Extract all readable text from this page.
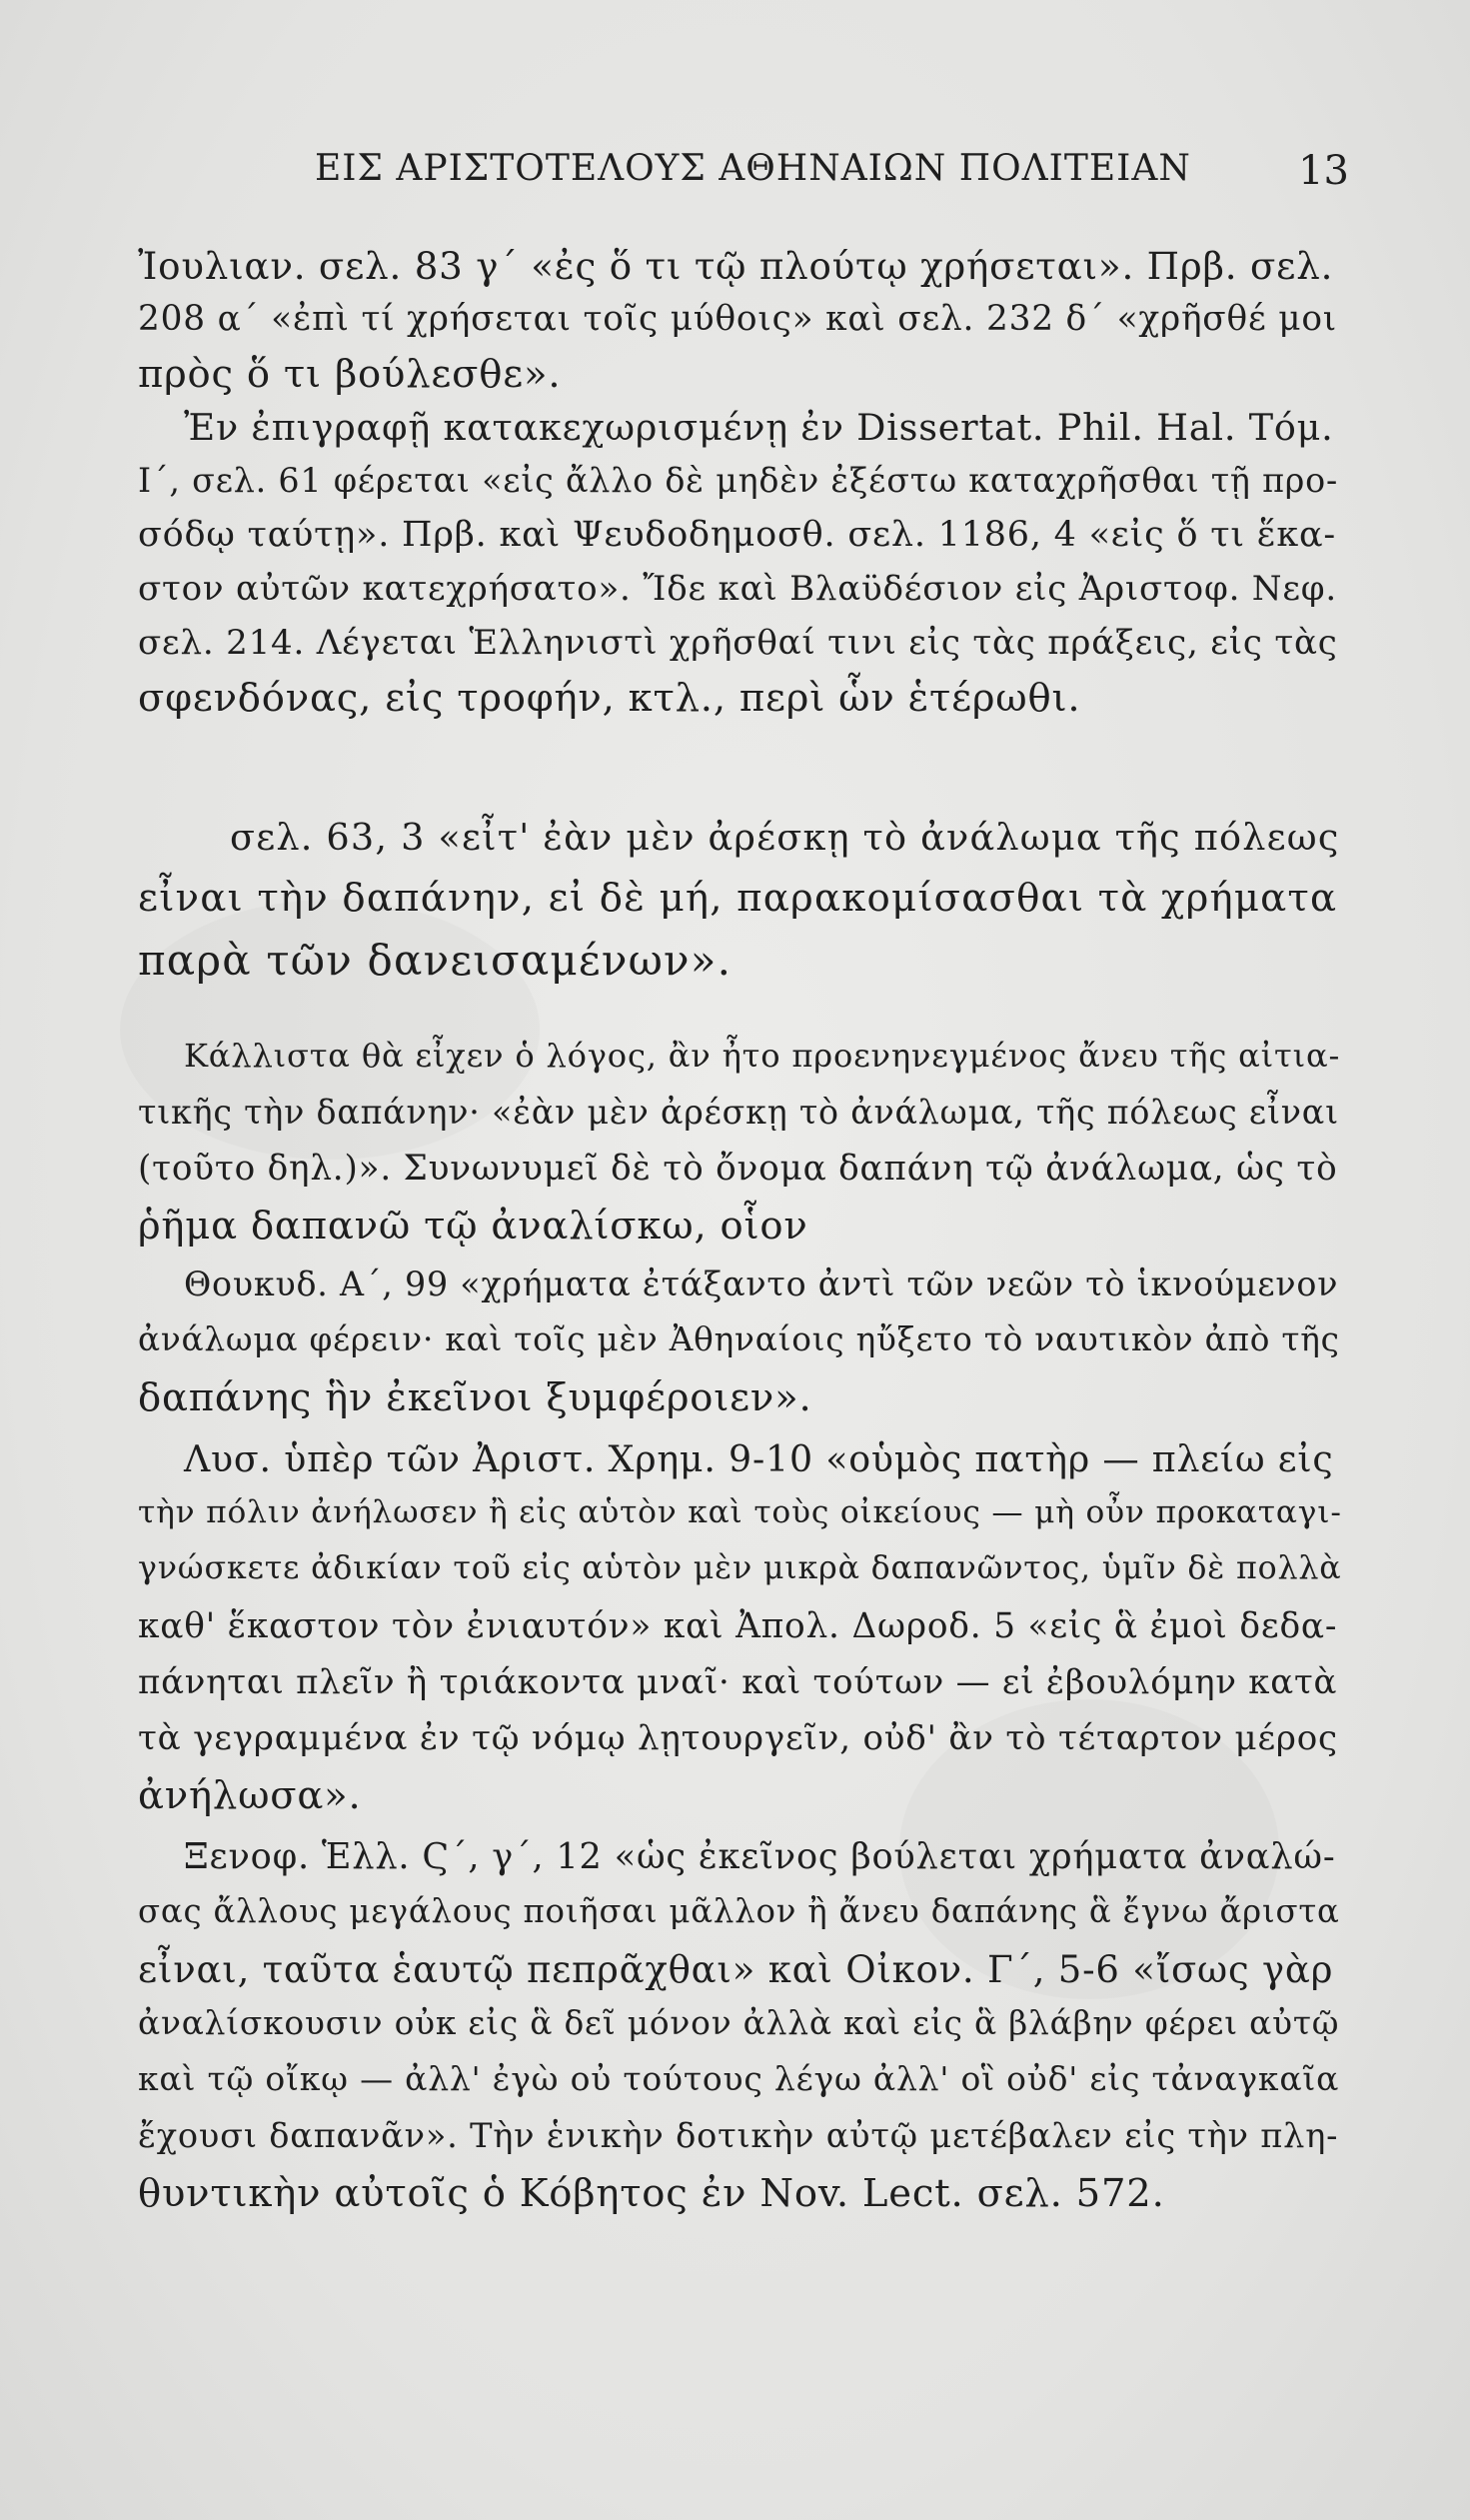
ΕΙΣ ΑΡΙΣΤΟΤΕΛΟΥΣ ΑΘΗΝΑΙΩΝ ΠΟΛΙΤΕΙΑΝ	13
Ἰουλιαν. σελ. 83 γ΄ «ἐς ὅ τι τῷ πλούτῳ χρήσεται». Πρβ. σελ.
208 α΄ «ἐπὶ τί χρήσεται τοῖς μύθοις» καὶ σελ. 232 δ΄ «χρῆσθέ μοι
πρὸς ὅ τι βούλεσθε».
Ἐν ἐπιγραφῇ κατακεχωρισμένῃ ἐν Dissertat. Phil. Hal. Τόμ.
Ι΄, σελ. 61 φέρεται «εἰς ἄλλο δὲ μηδὲν ἐξέστω καταχρῆσθαι τῇ προ-
σόδῳ ταύτῃ». Πρβ. καὶ Ψευδοδημοσθ. σελ. 1186, 4 «εἰς ὅ τι ἕκα-
στον αὐτῶν κατεχρήσατο». Ἴδε καὶ Βλαϋδέσιον εἰς Ἀριστοφ. Νεφ.
σελ. 214. Λέγεται Ἑλληνιστὶ χρῆσθαί τινι εἰς τὰς πράξεις, εἰς τὰς
σφενδόνας, εἰς τροφήν, κτλ., περὶ ὧν ἑτέρωθι.
σελ. 63, 3 «εἶτ' ἐὰν μὲν ἀρέσκῃ τὸ ἀνάλωμα τῆς πόλεως
εἶναι τὴν δαπάνην, εἰ δὲ μή, παρακομίσασθαι τὰ χρήματα
παρὰ τῶν δανεισαμένων».
Κάλλιστα θὰ εἶχεν ὁ λόγος, ἂν ἦτο προενηνεγμένος ἄνευ τῆς αἰτια-
τικῆς τὴν δαπάνην· «ἐὰν μὲν ἀρέσκῃ τὸ ἀνάλωμα, τῆς πόλεως εἶναι
(τοῦτο δηλ.)». Συνωνυμεῖ δὲ τὸ ὄνομα δαπάνη τῷ ἀνάλωμα, ὡς τὸ
ῥῆμα δαπανῶ τῷ ἀναλίσκω, οἷον
Θουκυδ. Α΄, 99 «χρήματα ἐτάξαντο ἀντὶ τῶν νεῶν τὸ ἱκνούμενον
ἀνάλωμα φέρειν· καὶ τοῖς μὲν Ἀθηναίοις ηὔξετο τὸ ναυτικὸν ἀπὸ τῆς
δαπάνης ἣν ἐκεῖνοι ξυμφέροιεν».
Λυσ. ὑπὲρ τῶν Ἀριστ. Χρημ. 9-10 «οὑμὸς πατὴρ — πλείω εἰς
τὴν πόλιν ἀνήλωσεν ἢ εἰς αὑτὸν καὶ τοὺς οἰκείους — μὴ οὖν προκαταγι-
γνώσκετε ἀδικίαν τοῦ εἰς αὑτὸν μὲν μικρὰ δαπανῶντος, ὑμῖν δὲ πολλὰ
καθ' ἕκαστον τὸν ἐνιαυτόν» καὶ Ἀπολ. Δωροδ. 5 «εἰς ἃ ἐμοὶ δεδα-
πάνηται πλεῖν ἢ τριάκοντα μναῖ· καὶ τούτων — εἰ ἐβουλόμην κατὰ
τὰ γεγραμμένα ἐν τῷ νόμῳ λῃτουργεῖν, οὐδ' ἂν τὸ τέταρτον μέρος
ἀνήλωσα».
Ξενοφ. Ἑλλ. Ϛ΄, γ΄, 12 «ὡς ἐκεῖνος βούλεται χρήματα ἀναλώ-
σας ἄλλους μεγάλους ποιῆσαι μᾶλλον ἢ ἄνευ δαπάνης ἃ ἔγνω ἄριστα
εἶναι, ταῦτα ἑαυτῷ πεπρᾶχθαι» καὶ Οἰκον. Γ΄, 5-6 «ἴσως γὰρ
ἀναλίσκουσιν οὐκ εἰς ἃ δεῖ μόνον ἀλλὰ καὶ εἰς ἃ βλάβην φέρει αὐτῷ
καὶ τῷ οἴκῳ — ἀλλ' ἐγὼ οὐ τούτους λέγω ἀλλ' οἳ οὐδ' εἰς τἀναγκαῖα
ἔχουσι δαπανᾶν». Τὴν ἑνικὴν δοτικὴν αὐτῷ μετέβαλεν εἰς τὴν πλη-
θυντικὴν αὐτοῖς ὁ Κόβητος ἐν Nov. Lect. σελ. 572.
